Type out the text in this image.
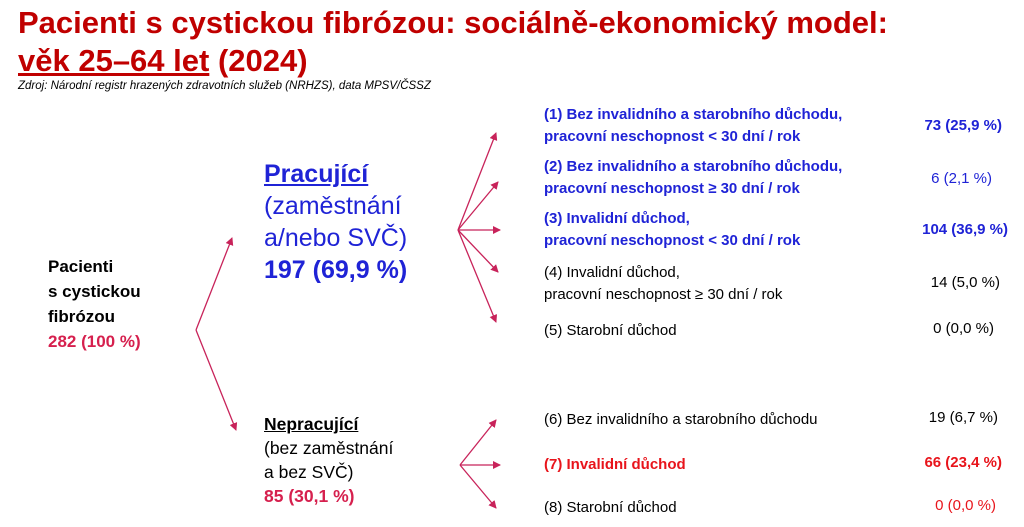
Pacienti s cystickou fibrózou: sociálně-ekonomický model:
věk 25–64 let (2024)
Zdroj: Národní registr hrazených zdravotních služeb (NRHZS), data MPSV/ČSSZ
Pacienti
s cystickou
fibrózou
282 (100 %)
Pracující
(zaměstnání
a/nebo SVČ)
197 (69,9 %)
Nepracující
(bez zaměstnání
a bez SVČ)
85 (30,1 %)
(1) Bez invalidního a starobního důchodu,
pracovní neschopnost < 30 dní / rok
73 (25,9 %)
(2) Bez invalidního a starobního důchodu,
pracovní neschopnost ≥ 30 dní / rok
6 (2,1 %)
(3) Invalidní důchod,
pracovní neschopnost < 30 dní / rok
104 (36,9 %)
(4) Invalidní důchod,
pracovní neschopnost ≥ 30 dní / rok
14 (5,0 %)
(5) Starobní důchod	0 (0,0 %)
(6) Bez invalidního a starobního důchodu	19 (6,7 %)
(7) Invalidní důchod	66 (23,4 %)
(8) Starobní důchod	0 (0,0 %)
